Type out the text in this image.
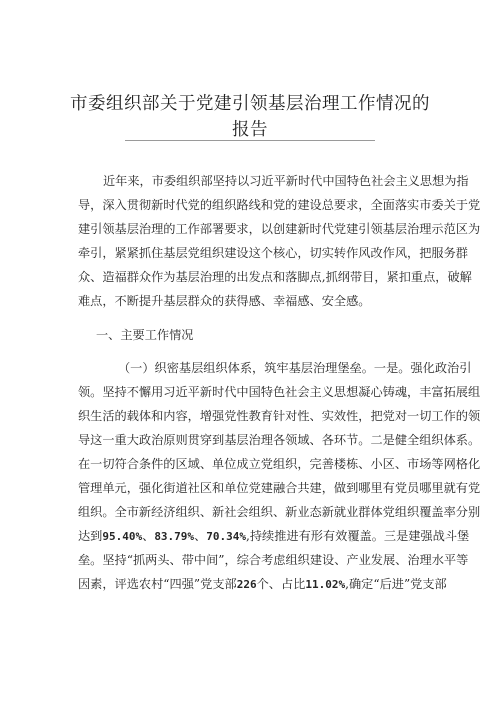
市委组织部关于党建引领基层治理工作情况的
报告
近年来，市委组织部坚持以习近平新时代中国特色社会主义思想为指
导，深入贯彻新时代党的组织路线和党的建设总要求，全面落实市委关于党
建引领基层治理的工作部署要求，以创建新时代党建引领基层治理示范区为
牵引，紧紧抓住基层党组织建设这个核心，切实转作风改作风，把服务群
众、造福群众作为基层治理的出发点和落脚点,抓纲带目，紧扣重点，破解
难点，不断提升基层群众的获得感、幸福感、安全感。
一、主要工作情况
（一）织密基层组织体系，筑牢基层治理堡垒。一是。强化政治引
领。坚持不懈用习近平新时代中国特色社会主义思想凝心铸魂，丰富拓展组
织生活的载体和内容，增强党性教育针对性、实效性，把党对一切工作的领
导这一重大政治原则贯穿到基层治理各领域、各环节。二是健全组织体系。
在一切符合条件的区域、单位成立党组织，完善楼栋、小区、市场等网格化
管理单元，强化街道社区和单位党建融合共建，做到哪里有党员哪里就有党
组织。全市新经济组织、新社会组织、新业态新就业群体党组织覆盖率分别
达到95.40%、83.79%、70.34%,持续推进有形有效覆盖。三是建强战斗堡
垒。坚持“抓两头、带中间”，综合考虑组织建设、产业发展、治理水平等
因素，评选农村“四强”党支部226个、占比11.02%,确定“后进”党支部
